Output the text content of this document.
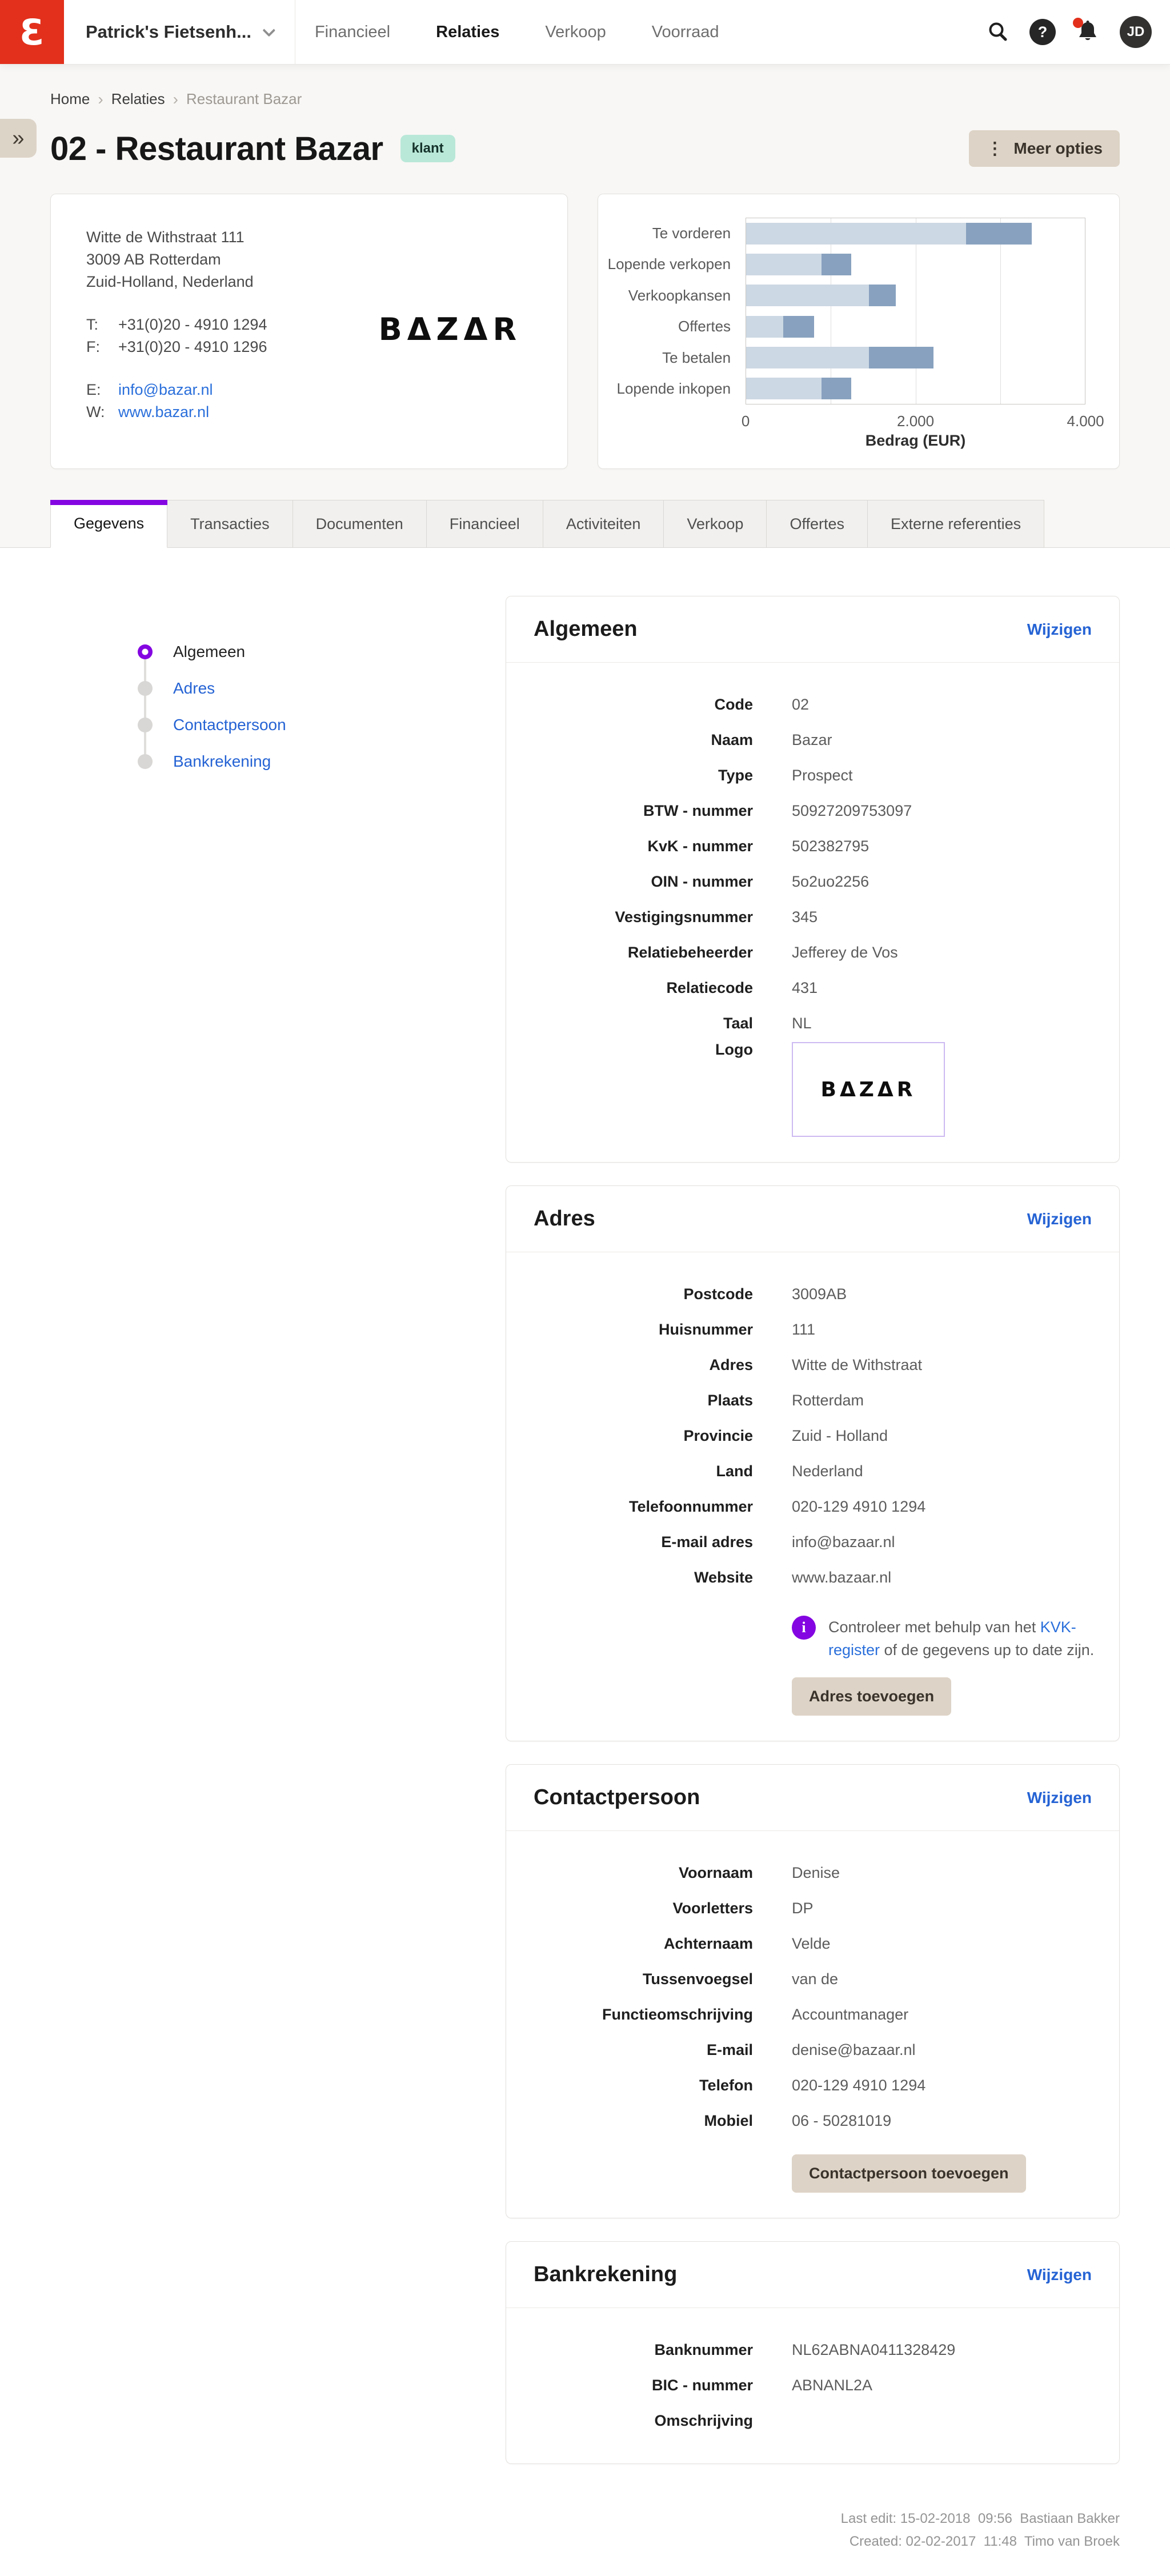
Ɛ Patrick's Fietsenh...	Financieel	Relaties	Verkoop	Voorraad	?	JD
»
Home › Relaties › Restaurant Bazar
02 - Restaurant Bazar	klant	⋮ Meer opties
Witte de Withstraat 111
3009 AB Rotterdam
Zuid-Holland, Nederland
T:	+31(0)20 - 4910 1294
F:	+31(0)20 - 4910 1296
E:	info@bazar.nl
W: www.bazar.nl
BΔZΔR
Te vorderen
Lopende verkopen
Verkoopkansen
Offertes
Te betalen
Lopende inkopen
0	2.000	4.000
Bedrag (EUR)
Gegevens	Transacties	Documenten	Financieel	Activiteiten	Verkoop	Offertes	Externe referenties
Algemeen
Adres
Contactpersoon
Bankrekening
Algemeen	Wijzigen
Code	02
Naam	Bazar
Type	Prospect
BTW - nummer	50927209753097
KvK - nummer	502382795
OIN - nummer	5o2uo2256
Vestigingsnummer	345
Relatiebeheerder	Jefferey de Vos
Relatiecode	431
Taal	NL
Logo
BΔZΔR
Adres	Wijzigen
Postcode	3009AB
Huisnummer	111
Adres	Witte de Withstraat
Plaats	Rotterdam
Provincie	Zuid - Holland
Land	Nederland
Telefoonnummer	020-129 4910 1294
E-mail adres	info@bazaar.nl
Website	www.bazaar.nl
i	Controleer met behulp van het KVK- register of de gegevens up to date zijn.
Adres toevoegen
Contactpersoon	Wijzigen
Voornaam	Denise
Voorletters	DP
Achternaam	Velde
Tussenvoegsel	van de
Functieomschrijving	Accountmanager
E-mail	denise@bazaar.nl
Telefon	020-129 4910 1294
Mobiel	06 - 50281019
Contactpersoon toevoegen
Bankrekening	Wijzigen
Banknummer	NL62ABNA0411328429
BIC - nummer	ABNANL2A
Omschrijving
Last edit: 15-02-2018  09:56  Bastiaan Bakker
Created: 02-02-2017  11:48  Timo van Broek
